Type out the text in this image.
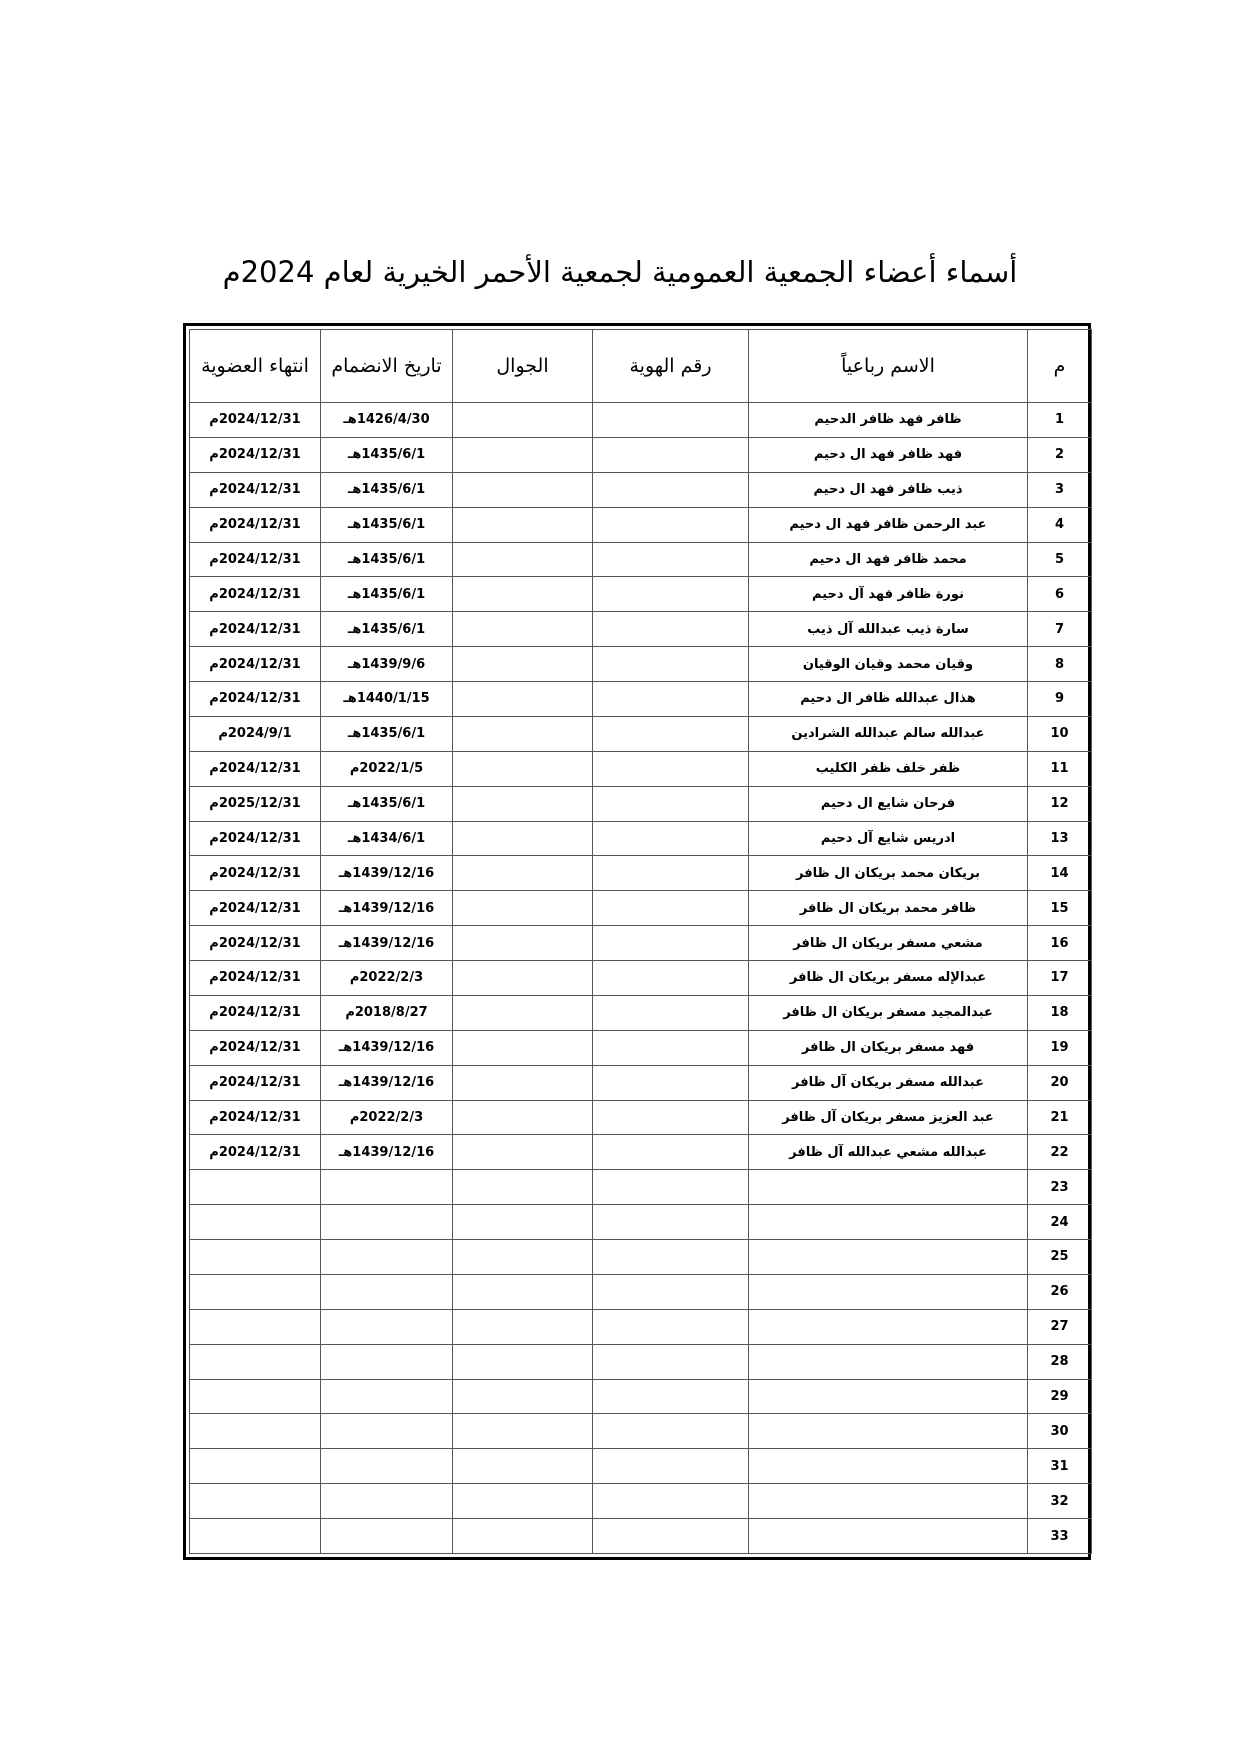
أسماء أعضاء الجمعية العمومية لجمعية الأحمر الخيرية لعام 2024م
م	الاسم رباعياًَ	رقم الهوية	الجوال	تاريخ الانضمام	انتهاء العضوية
1	ظافر فهد ظافر الدحيم			1426/4/30هـ	2024/12/31م
2	فهد ظافر فهد ال دحيم			1435/6/1هـ	2024/12/31م
3	ذيب ظافر فهد ال دحيم			1435/6/1هـ	2024/12/31م
4	عبد الرحمن ظافر فهد ال دحيم			1435/6/1هـ	2024/12/31م
5	محمد ظافر فهد ال دحيم			1435/6/1هـ	2024/12/31م
6	نورة ظافر فهد آل دحيم			1435/6/1هـ	2024/12/31م
7	سارة ذيب عبدالله آل ذيب			1435/6/1هـ	2024/12/31م
8	وقيان محمد وقيان الوقيان			1439/9/6هـ	2024/12/31م
9	هذال عبدالله ظافر ال دحيم			1440/1/15هـ	2024/12/31م
10	عبدالله سالم عبدالله الشرادين			1435/6/1هـ	2024/9/1م
11	ظفر خلف ظفر الكليب			2022/1/5م	2024/12/31م
12	فرحان شايع ال دحيم			1435/6/1هـ	2025/12/31م
13	ادريس شايع آل دحيم			1434/6/1هـ	2024/12/31م
14	بريكان محمد بريكان ال ظافر			1439/12/16هـ	2024/12/31م
15	ظافر محمد بريكان ال ظافر			1439/12/16هـ	2024/12/31م
16	مشعي مسفر بريكان ال ظافر			1439/12/16هـ	2024/12/31م
17	عبدالإله مسفر بريكان ال ظافر			2022/2/3م	2024/12/31م
18	عبدالمجيد مسفر بريكان ال ظافر			2018/8/27م	2024/12/31م
19	فهد مسفر بريكان ال ظافر			1439/12/16هـ	2024/12/31م
20	عبدالله مسفر بريكان آل ظافر			1439/12/16هـ	2024/12/31م
21	عبد العزيز مسفر بريكان آل ظافر			2022/2/3م	2024/12/31م
22	عبدالله مشعي عبدالله آل ظافر			1439/12/16هـ	2024/12/31م
23					
24					
25					
26					
27					
28					
29					
30					
31					
32					
33					
